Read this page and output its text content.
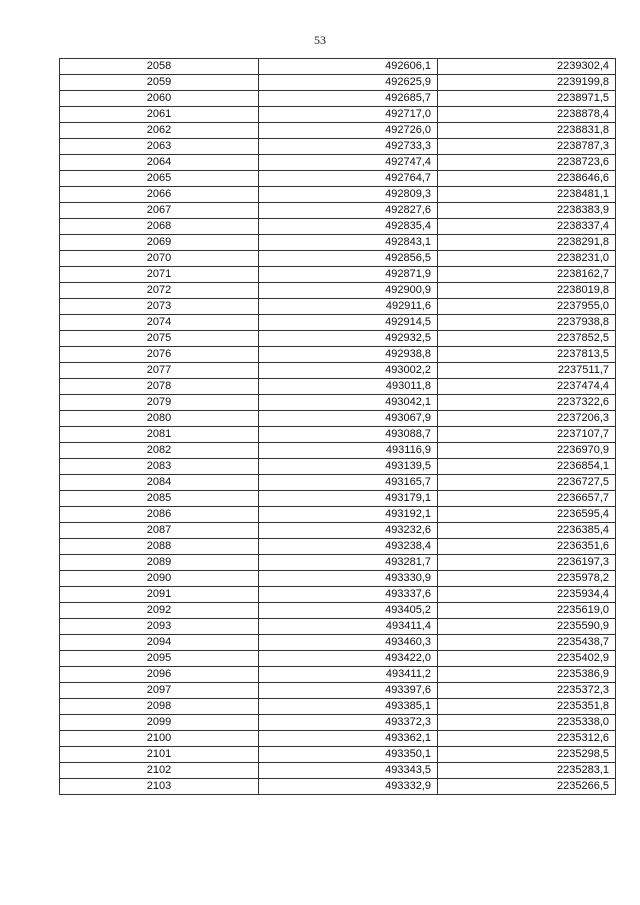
53
2058	492606,1	2239302,4
2059	492625,9	2239199,8
2060	492685,7	2238971,5
2061	492717,0	2238878,4
2062	492726,0	2238831,8
2063	492733,3	2238787,3
2064	492747,4	2238723,6
2065	492764,7	2238646,6
2066	492809,3	2238481,1
2067	492827,6	2238383,9
2068	492835,4	2238337,4
2069	492843,1	2238291,8
2070	492856,5	2238231,0
2071	492871,9	2238162,7
2072	492900,9	2238019,8
2073	492911,6	2237955,0
2074	492914,5	2237938,8
2075	492932,5	2237852,5
2076	492938,8	2237813,5
2077	493002,2	2237511,7
2078	493011,8	2237474,4
2079	493042,1	2237322,6
2080	493067,9	2237206,3
2081	493088,7	2237107,7
2082	493116,9	2236970,9
2083	493139,5	2236854,1
2084	493165,7	2236727,5
2085	493179,1	2236657,7
2086	493192,1	2236595,4
2087	493232,6	2236385,4
2088	493238,4	2236351,6
2089	493281,7	2236197,3
2090	493330,9	2235978,2
2091	493337,6	2235934,4
2092	493405,2	2235619,0
2093	493411,4	2235590,9
2094	493460,3	2235438,7
2095	493422,0	2235402,9
2096	493411,2	2235386,9
2097	493397,6	2235372,3
2098	493385,1	2235351,8
2099	493372,3	2235338,0
2100	493362,1	2235312,6
2101	493350,1	2235298,5
2102	493343,5	2235283,1
2103	493332,9	2235266,5
